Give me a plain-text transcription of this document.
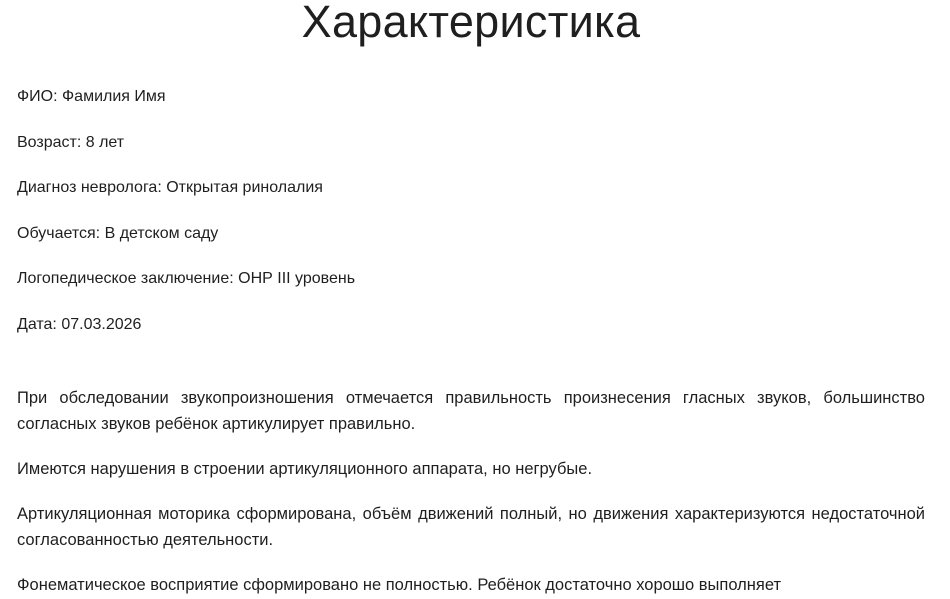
Характеристика

ФИО: Фамилия Имя

Возраст: 8 лет

Диагноз невролога: Открытая ринолалия

Обучается: В детском саду

Логопедическое заключение: ОНР III уровень

Дата: 07.03.2026

При обследовании звукопроизношения отмечается правильность произнесения гласных звуков, большинство согласных звуков ребёнок артикулирует правильно.

Имеются нарушения в строении артикуляционного аппарата, но негрубые.

Артикуляционная моторика сформирована, объём движений полный, но движения характеризуются недостаточной согласованностью деятельности.

Фонематическое восприятие сформировано не полностью. Ребёнок достаточно хорошо выполняет
